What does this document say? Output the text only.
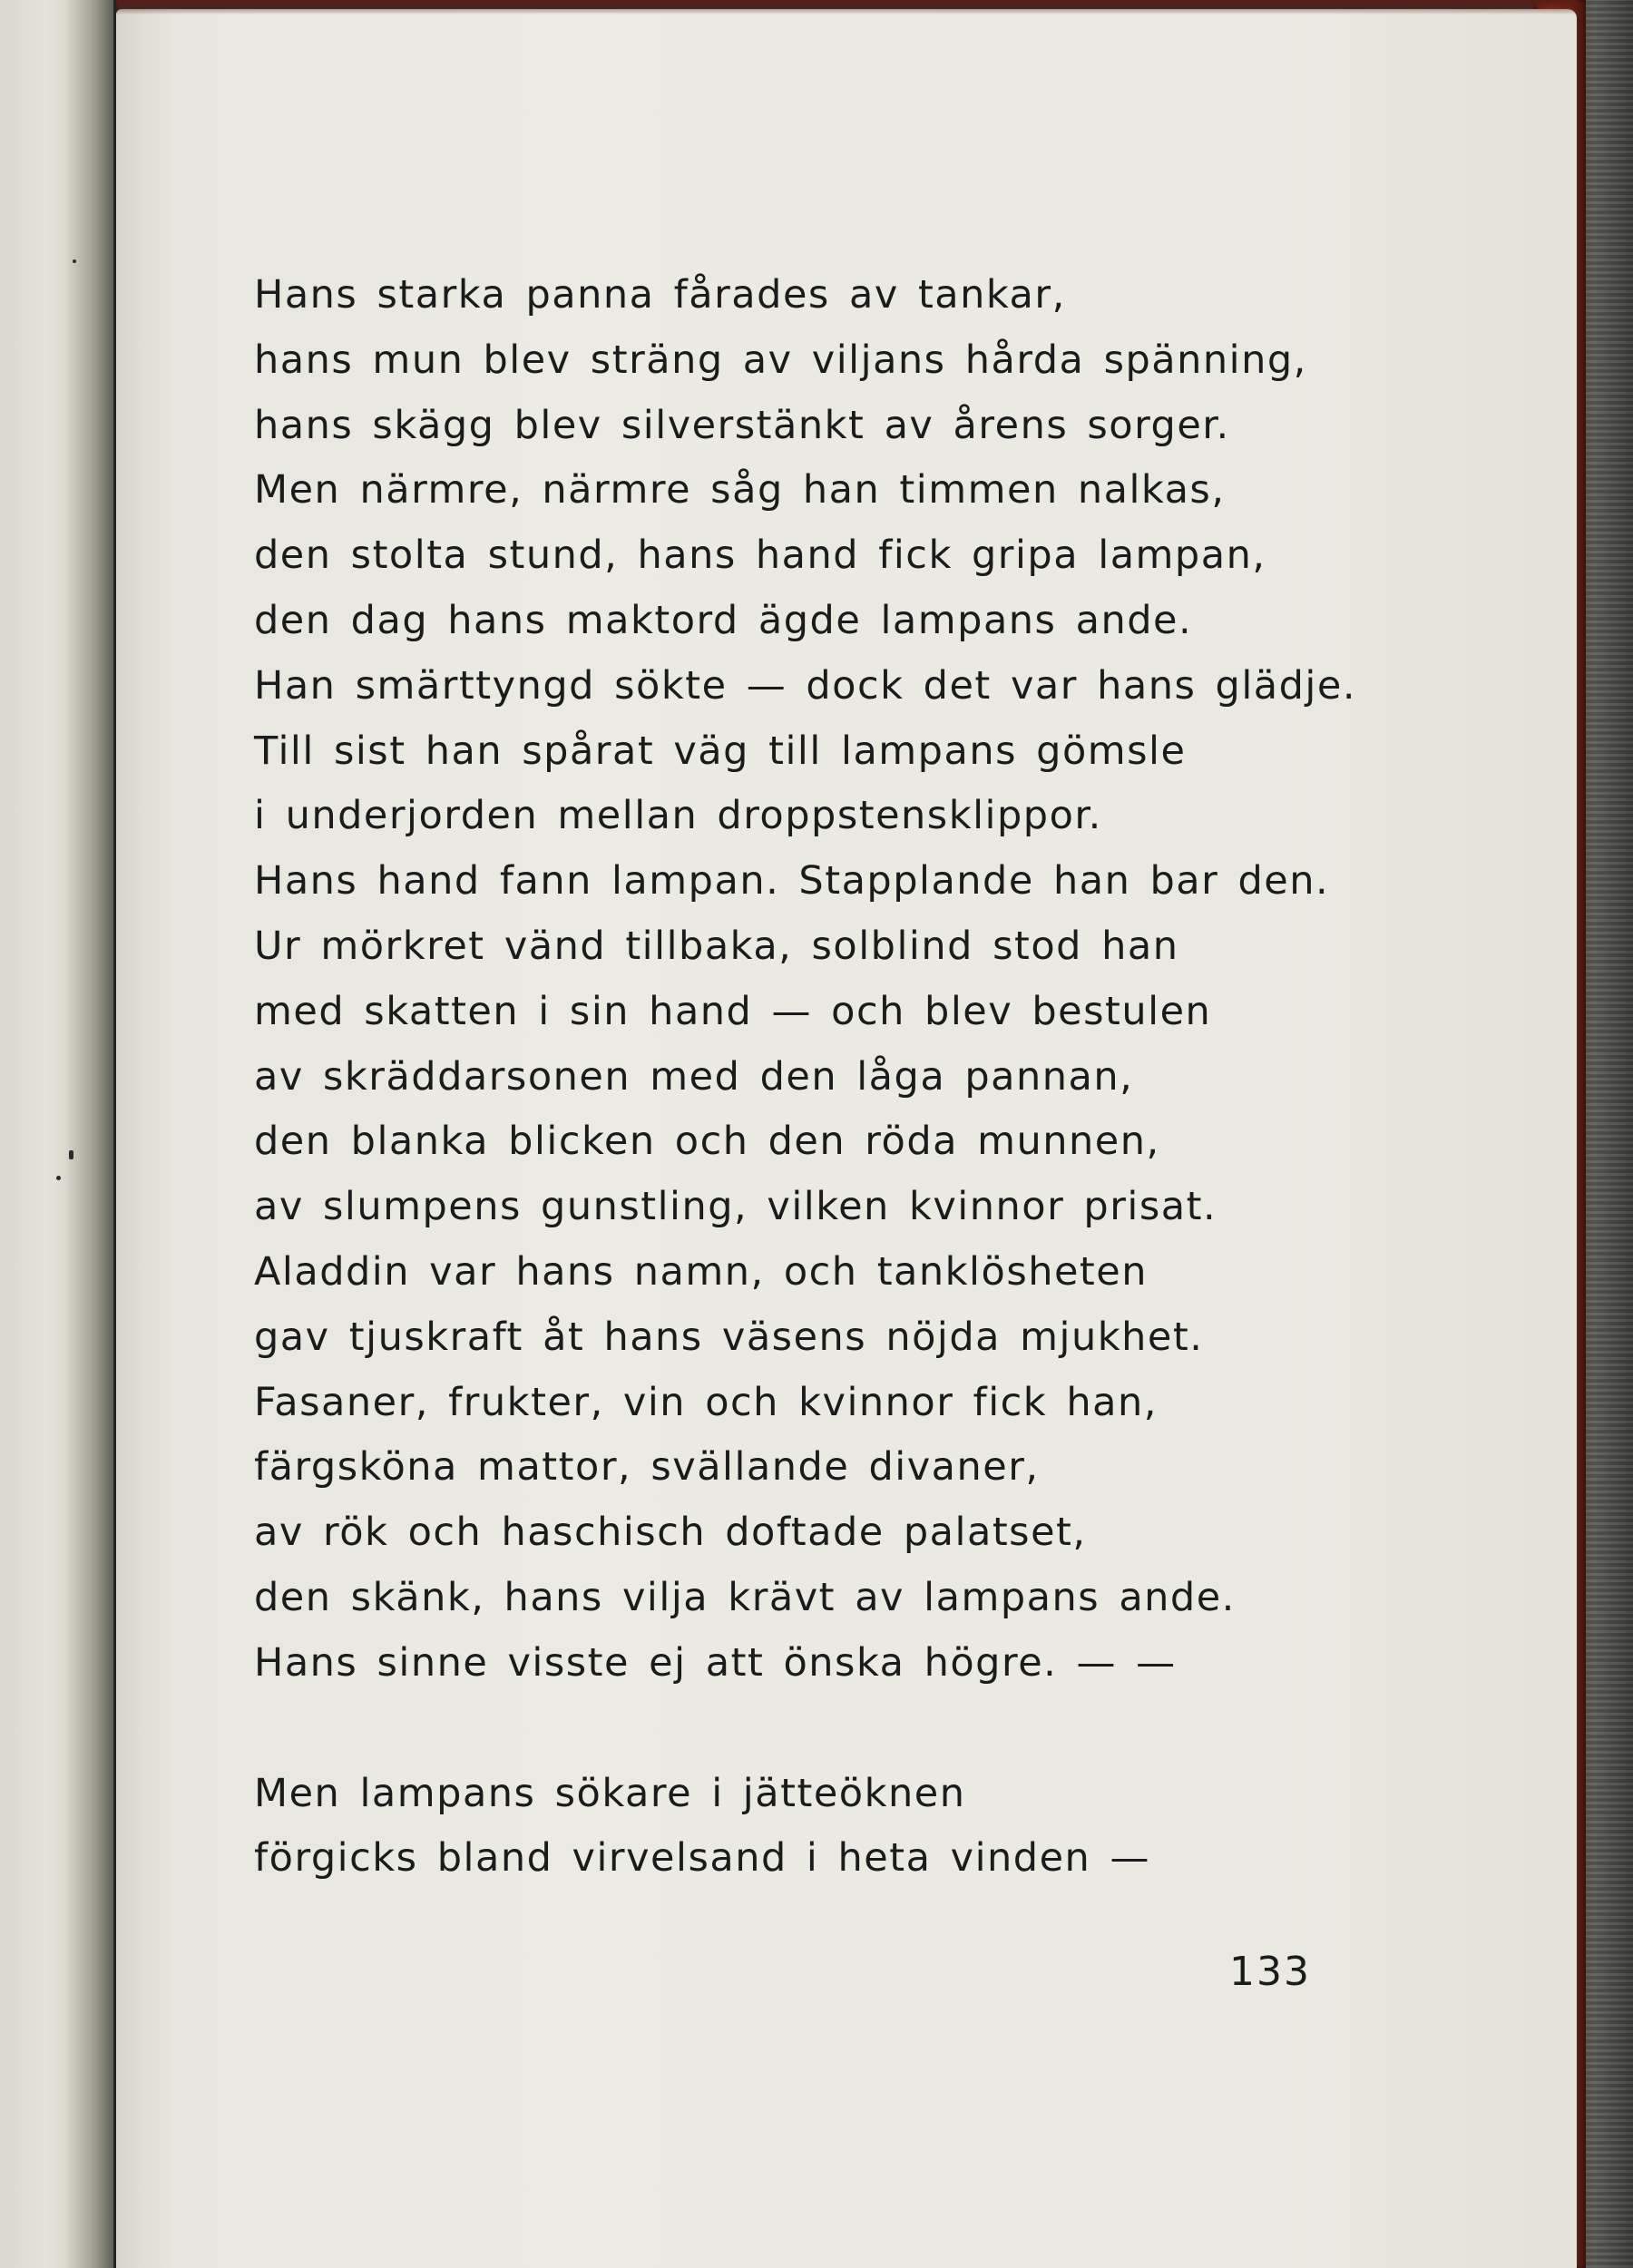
Hans starka panna fårades av tankar,
hans mun blev sträng av viljans hårda spänning,
hans skägg blev silverstänkt av årens sorger.
Men närmre, närmre såg han timmen nalkas,
den stolta stund, hans hand fick gripa lampan,
den dag hans maktord ägde lampans ande.
Han smärttyngd sökte — dock det var hans glädje.
Till sist han spårat väg till lampans gömsle
i underjorden mellan droppstensklippor.
Hans hand fann lampan. Stapplande han bar den.
Ur mörkret vänd tillbaka, solblind stod han
med skatten i sin hand — och blev bestulen
av skräddarsonen med den låga pannan,
den blanka blicken och den röda munnen,
av slumpens gunstling, vilken kvinnor prisat.
Aladdin var hans namn, och tanklösheten
gav tjuskraft åt hans väsens nöjda mjukhet.
Fasaner, frukter, vin och kvinnor fick han,
färgsköna mattor, svällande divaner,
av rök och haschisch doftade palatset,
den skänk, hans vilja krävt av lampans ande.
Hans sinne visste ej att önska högre. — —
Men lampans sökare i jätteöknen
förgicks bland virvelsand i heta vinden —
133
